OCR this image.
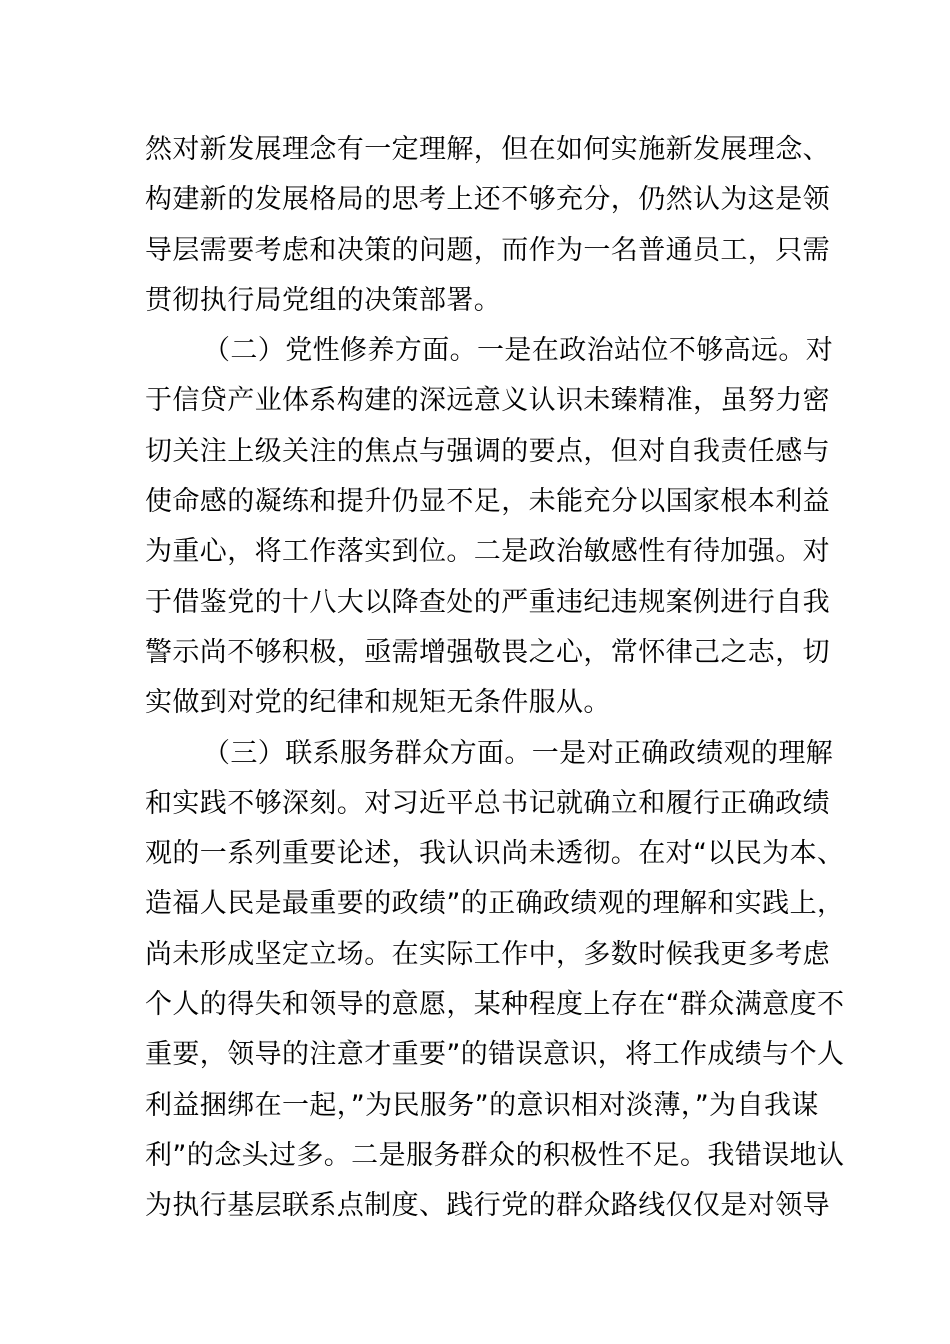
然对新发展理念有一定理解，但在如何实施新发展理念、
构建新的发展格局的思考上还不够充分，仍然认为这是领
导层需要考虑和决策的问题，而作为一名普通员工，只需
贯彻执行局党组的决策部署。
（二）党性修养方面。一是在政治站位不够高远。对
于信贷产业体系构建的深远意义认识未臻精准，虽努力密
切关注上级关注的焦点与强调的要点，但对自我责任感与
使命感的凝练和提升仍显不足，未能充分以国家根本利益
为重心，将工作落实到位。二是政治敏感性有待加强。对
于借鉴党的十八大以降查处的严重违纪违规案例进行自我
警示尚不够积极，亟需增强敬畏之心，常怀律己之志，切
实做到对党的纪律和规矩无条件服从。
（三）联系服务群众方面。一是对正确政绩观的理解
和实践不够深刻。对习近平总书记就确立和履行正确政绩
观的一系列重要论述，我认识尚未透彻。在对“以民为本、
造福人民是最重要的政绩”的正确政绩观的理解和实践上，
尚未形成坚定立场。在实际工作中，多数时候我更多考虑
个人的得失和领导的意愿，某种程度上存在“群众满意度不
重要，领导的注意才重要”的错误意识，将工作成绩与个人
利益捆绑在一起，”为民服务”的意识相对淡薄，”为自我谋
利”的念头过多。二是服务群众的积极性不足。我错误地认
为执行基层联系点制度、践行党的群众路线仅仅是对领导
